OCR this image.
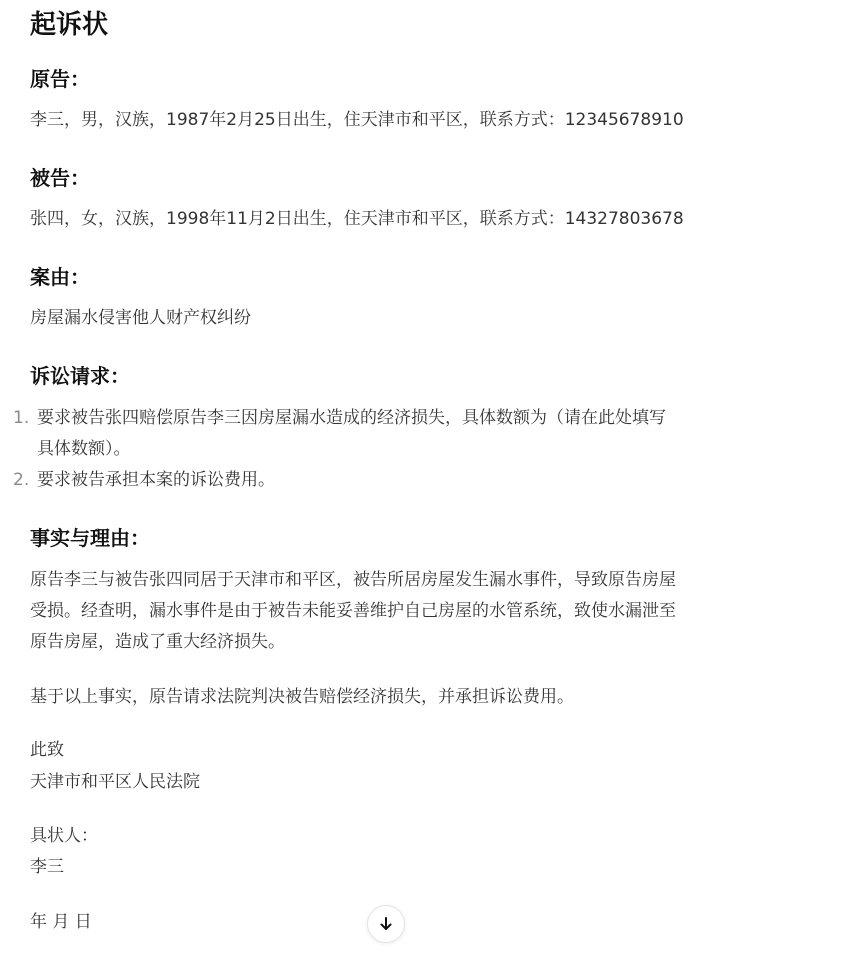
起诉状
原告：

李三，男，汉族，1987年2月25日出生，住天津市和平区，联系方式：12345678910

被告：

张四，女，汉族，1998年11月2日出生，住天津市和平区，联系方式：14327803678

案由：

房屋漏水侵害他人财产权纠纷

诉讼请求：
1. 要求被告张四赔偿原告李三因房屋漏水造成的经济损失，具体数额为（请在此处填写
具体数额）。
2. 要求被告承担本案的诉讼费用。
事实与理由：

原告李三与被告张四同居于天津市和平区，被告所居房屋发生漏水事件，导致原告房屋

受损。经查明，漏水事件是由于被告未能妥善维护自己房屋的水管系统，致使水漏泄至

原告房屋，造成了重大经济损失。

基于以上事实，原告请求法院判决被告赔偿经济损失，并承担诉讼费用。

此致

天津市和平区人民法院

具状人：

李三

年 月 日
